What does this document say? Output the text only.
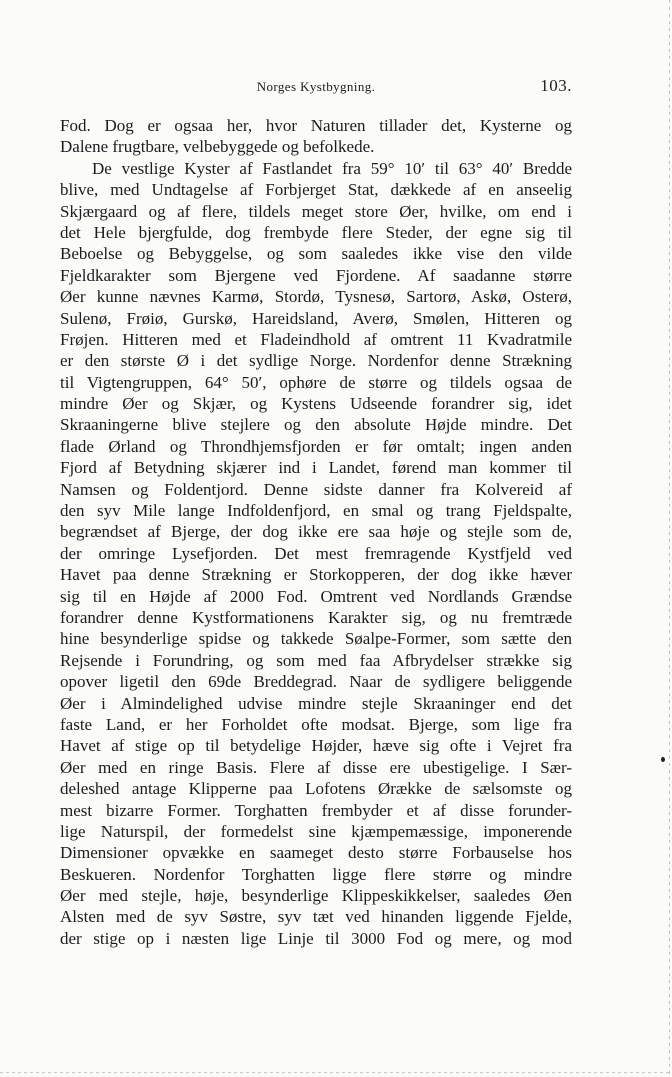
Norges Kystbygning.	103.
Fod. Dog er ogsaa her, hvor Naturen tillader det, Kysterne og
Dalene frugtbare, velbebyggede og befolkede.
De vestlige Kyster af Fastlandet fra 59° 10′ til 63° 40′ Bredde
blive, med Undtagelse af Forbjerget Stat, dækkede af en anseelig
Skjærgaard og af flere, tildels meget store Øer, hvilke, om end i
det Hele bjergfulde, dog frembyde flere Steder, der egne sig til
Beboelse og Bebyggelse, og som saaledes ikke vise den vilde
Fjeldkarakter som Bjergene ved Fjordene. Af saadanne større
Øer kunne nævnes Karmø, Stordø, Tysnesø, Sartorø, Askø, Osterø,
Sulenø, Frøiø, Gurskø, Hareidsland, Averø, Smølen, Hitteren og
Frøjen. Hitteren med et Fladeindhold af omtrent 11 Kvadratmile
er den største Ø i det sydlige Norge. Nordenfor denne Strækning
til Vigtengruppen, 64° 50′, ophøre de større og tildels ogsaa de
mindre Øer og Skjær, og Kystens Udseende forandrer sig, idet
Skraaningerne blive stejlere og den absolute Højde mindre. Det
flade Ørland og Throndhjemsfjorden er før omtalt; ingen anden
Fjord af Betydning skjærer ind i Landet, førend man kommer til
Namsen og Foldentjord. Denne sidste danner fra Kolvereid af
den syv Mile lange Indfoldenfjord, en smal og trang Fjeldspalte,
begrændset af Bjerge, der dog ikke ere saa høje og stejle som de,
der omringe Lysefjorden. Det mest fremragende Kystfjeld ved
Havet paa denne Strækning er Storkopperen, der dog ikke hæver
sig til en Højde af 2000 Fod. Omtrent ved Nordlands Grændse
forandrer denne Kystformationens Karakter sig, og nu fremtræde
hine besynderlige spidse og takkede Søalpe-Former, som sætte den
Rejsende i Forundring, og som med faa Afbrydelser strække sig
opover ligetil den 69de Breddegrad. Naar de sydligere beliggende
Øer i Almindelighed udvise mindre stejle Skraaninger end det
faste Land, er her Forholdet ofte modsat. Bjerge, som lige fra
Havet af stige op til betydelige Højder, hæve sig ofte i Vejret fra
Øer med en ringe Basis. Flere af disse ere ubestigelige. I Sær-
deleshed antage Klipperne paa Lofotens Ørække de sælsomste og
mest bizarre Former. Torghatten frembyder et af disse forunder-
lige Naturspil, der formedelst sine kjæmpemæssige, imponerende
Dimensioner opvække en saameget desto større Forbauselse hos
Beskueren. Nordenfor Torghatten ligge flere større og mindre
Øer med stejle, høje, besynderlige Klippeskikkelser, saaledes Øen
Alsten med de syv Søstre, syv tæt ved hinanden liggende Fjelde,
der stige op i næsten lige Linje til 3000 Fod og mere, og mod
